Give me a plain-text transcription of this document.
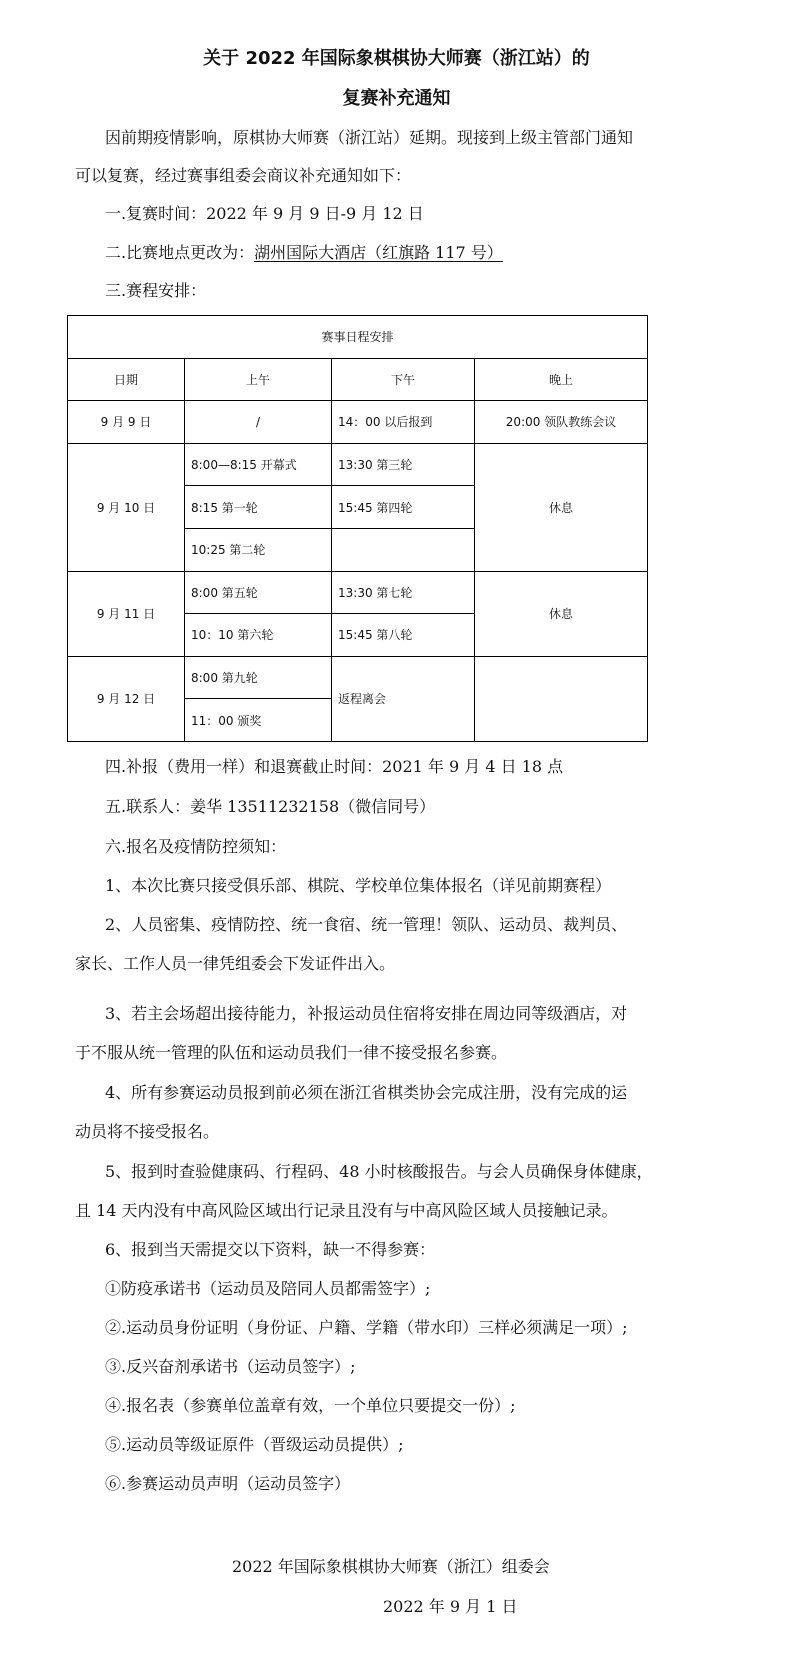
关于 2022 年国际象棋棋协大师赛（浙江站）的
复赛补充通知
因前期疫情影响，原棋协大师赛（浙江站）延期。现接到上级主管部门通知
可以复赛，经过赛事组委会商议补充通知如下：
一.复赛时间：2022 年 9 月 9 日-9 月 12 日
二.比赛地点更改为：湖州国际大酒店（红旗路 117 号）
三.赛程安排：
赛事日程安排			
日期	上午	下午	晚上
9 月 9 日	/	14：00 以后报到	20:00 领队教练会议
9 月 10 日	8:00—8:15 开幕式	13:30 第三轮	休息
	8:15 第一轮	15:45 第四轮	
	10:25 第二轮		
9 月 11 日	8:00 第五轮	13:30 第七轮	休息
	10：10 第六轮	15:45 第八轮	
9 月 12 日	8:00 第九轮	返程离会	
	11：00 颁奖		
四.补报（费用一样）和退赛截止时间：2021 年 9 月 4 日 18 点
五.联系人：姜华 13511232158（微信同号）
六.报名及疫情防控须知：
1、本次比赛只接受俱乐部、棋院、学校单位集体报名（详见前期赛程）
2、人员密集、疫情防控、统一食宿、统一管理！领队、运动员、裁判员、
家长、工作人员一律凭组委会下发证件出入。
3、若主会场超出接待能力，补报运动员住宿将安排在周边同等级酒店，对
于不服从统一管理的队伍和运动员我们一律不接受报名参赛。
4、所有参赛运动员报到前必须在浙江省棋类协会完成注册，没有完成的运
动员将不接受报名。
5、报到时查验健康码、行程码、48 小时核酸报告。与会人员确保身体健康，
且 14 天内没有中高风险区域出行记录且没有与中高风险区域人员接触记录。
6、报到当天需提交以下资料，缺一不得参赛：
①防疫承诺书（运动员及陪同人员都需签字）;
②.运动员身份证明（身份证、户籍、学籍（带水印）三样必须满足一项）;
③.反兴奋剂承诺书（运动员签字）;
④.报名表（参赛单位盖章有效，一个单位只要提交一份）;
⑤.运动员等级证原件（晋级运动员提供）;
⑥.参赛运动员声明（运动员签字）
2022 年国际象棋棋协大师赛（浙江）组委会
2022 年 9 月 1 日
